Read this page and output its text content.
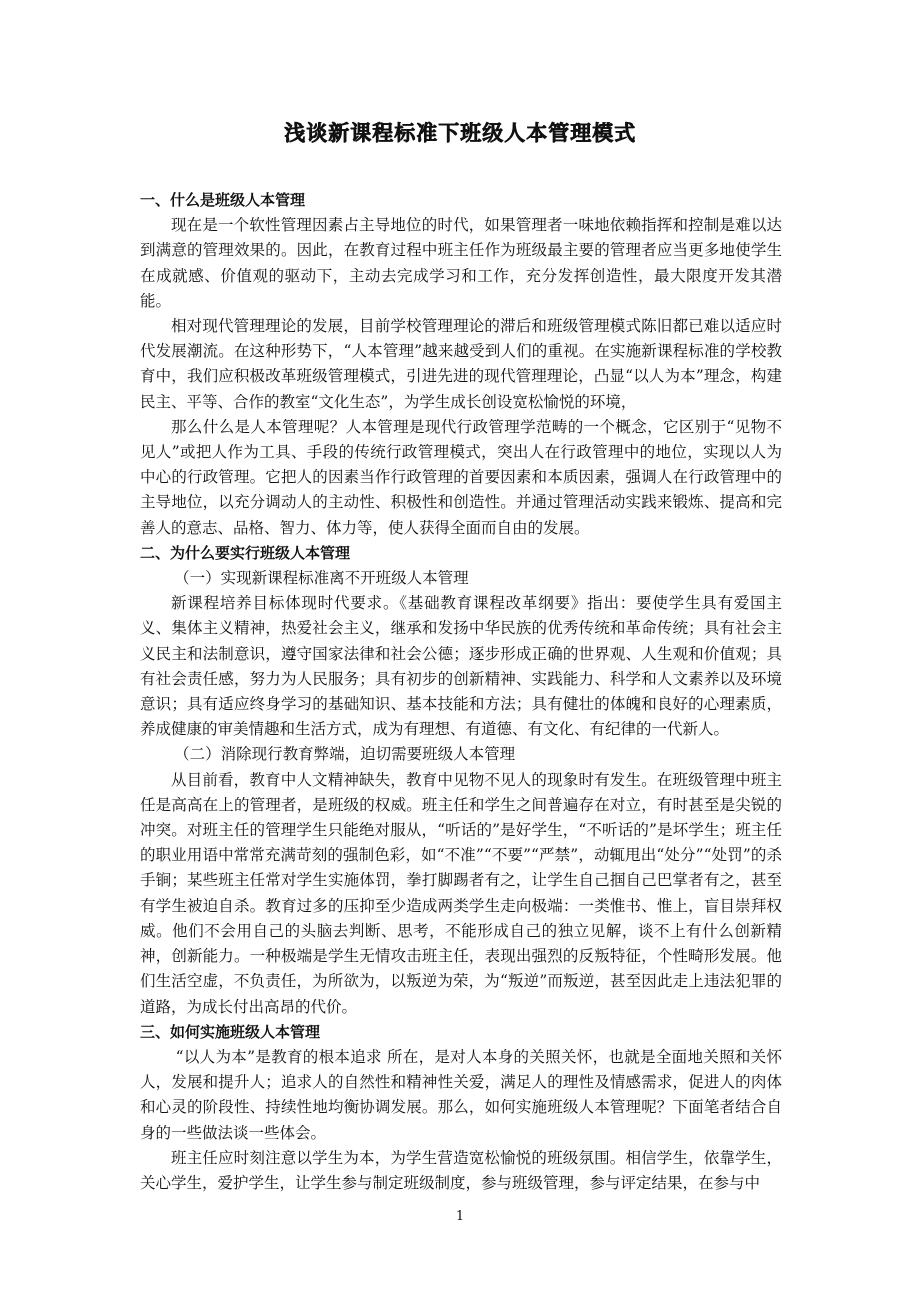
浅谈新课程标准下班级人本管理模式

一、什么是班级人本管理

现在是一个软性管理因素占主导地位的时代，如果管理者一味地依赖指挥和控制是难以达到满意的管理效果的。因此，在教育过程中班主任作为班级最主要的管理者应当更多地使学生在成就感、价值观的驱动下，主动去完成学习和工作，充分发挥创造性，最大限度开发其潜能。

相对现代管理理论的发展，目前学校管理理论的滞后和班级管理模式陈旧都已难以适应时代发展潮流。在这种形势下，“人本管理”越来越受到人们的重视。在实施新课程标准的学校教育中，我们应积极改革班级管理模式，引进先进的现代管理理论，凸显“以人为本”理念，构建民主、平等、合作的教室“文化生态”，为学生成长创设宽松愉悦的环境，

那么什么是人本管理呢？人本管理是现代行政管理学范畴的一个概念，它区别于“见物不见人”或把人作为工具、手段的传统行政管理模式，突出人在行政管理中的地位，实现以人为中心的行政管理。它把人的因素当作行政管理的首要因素和本质因素，强调人在行政管理中的主导地位，以充分调动人的主动性、积极性和创造性。并通过管理活动实践来锻炼、提高和完善人的意志、品格、智力、体力等，使人获得全面而自由的发展。

二、为什么要实行班级人本管理

（一）实现新课程标准离不开班级人本管理

新课程培养目标体现时代要求。《基础教育课程改革纲要》指出：要使学生具有爱国主义、集体主义精神，热爱社会主义，继承和发扬中华民族的优秀传统和革命传统；具有社会主义民主和法制意识，遵守国家法律和社会公德；逐步形成正确的世界观、人生观和价值观；具有社会责任感，努力为人民服务；具有初步的创新精神、实践能力、科学和人文素养以及环境意识；具有适应终身学习的基础知识、基本技能和方法；具有健壮的体魄和良好的心理素质，养成健康的审美情趣和生活方式，成为有理想、有道德、有文化、有纪律的一代新人。

（二）消除现行教育弊端，迫切需要班级人本管理

从目前看，教育中人文精神缺失，教育中见物不见人的现象时有发生。在班级管理中班主任是高高在上的管理者，是班级的权威。班主任和学生之间普遍存在对立，有时甚至是尖锐的冲突。对班主任的管理学生只能绝对服从，“听话的”是好学生，“不听话的”是坏学生；班主任的职业用语中常常充满苛刻的强制色彩，如“不准”“不要”“严禁”，动辄甩出“处分”“处罚”的杀手锏；某些班主任常对学生实施体罚，拳打脚踢者有之，让学生自己掴自己巴掌者有之，甚至有学生被迫自杀。教育过多的压抑至少造成两类学生走向极端：一类惟书、惟上，盲目崇拜权威。他们不会用自己的头脑去判断、思考，不能形成自己的独立见解，谈不上有什么创新精神，创新能力。一种极端是学生无情攻击班主任，表现出强烈的反叛特征，个性畸形发展。他们生活空虚，不负责任，为所欲为，以叛逆为荣，为“叛逆”而叛逆，甚至因此走上违法犯罪的道路，为成长付出高昂的代价。

三、如何实施班级人本管理

“以人为本”是教育的根本追求 所在，是对人本身的关照关怀，也就是全面地关照和关怀人，发展和提升人；追求人的自然性和精神性关爱，满足人的理性及情感需求，促进人的肉体和心灵的阶段性、持续性地均衡协调发展。那么，如何实施班级人本管理呢？下面笔者结合自身的一些做法谈一些体会。

班主任应时刻注意以学生为本，为学生营造宽松愉悦的班级氛围。相信学生，依靠学生，关心学生，爱护学生，让学生参与制定班级制度，参与班级管理，参与评定结果，在参与中

1
